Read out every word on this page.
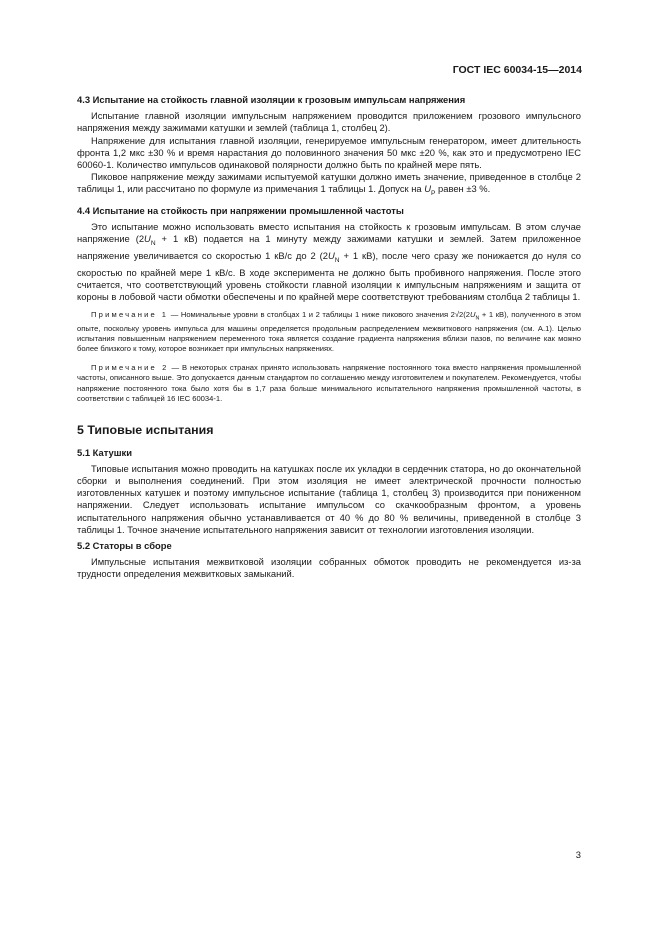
ГОСТ IEC 60034-15—2014
4.3 Испытание на стойкость главной изоляции к грозовым импульсам напряжения

Испытание главной изоляции импульсным напряжением проводится приложением грозового импульсного напряжения между зажимами катушки и землей (таблица 1, столбец 2).

Напряжение для испытания главной изоляции, генерируемое импульсным генератором, имеет длительность фронта 1,2 мкс ±30 % и время нарастания до половинного значения 50 мкс ±20 %, как это и предусмотрено IEC 60060-1. Количество импульсов одинаковой полярности должно быть по крайней мере пять.

Пиковое напряжение между зажимами испытуемой катушки должно иметь значение, приведенное в столбце 2 таблицы 1, или рассчитано по формуле из примечания 1 таблицы 1. Допуск на $U_P$ равен ±3 %.

4.4 Испытание на стойкость при напряжении промышленной частоты

Это испытание можно использовать вместо испытания на стойкость к грозовым импульсам. В этом случае напряжение ($2U_N + 1$ кВ) подается на 1 минуту между зажимами катушки и землей. Затем приложенное напряжение увеличивается со скоростью 1 кВ/с до 2 ($2U_N + 1$ кВ), после чего сразу же понижается до нуля со скоростью по крайней мере 1 кВ/с. В ходе эксперимента не должно быть пробивного напряжения. После этого считается, что соответствующий уровень стойкости главной изоляции к импульсным напряжениям и защита от короны в лобовой части обмотки обеспечены и по крайней мере соответствуют требованиям столбца 2 таблицы 1.

Примечание 1 — Номинальные уровни в столбцах 1 и 2 таблицы 1 ниже пикового значения $2√2(2U_N + 1$ кВ), полученного в этом опыте, поскольку уровень импульса для машины определяется продольным распределением межвиткового напряжения (см. А.1). Целью испытания повышенным напряжением переменного тока является создание градиента напряжения вблизи пазов, по величине как можно более близкого к тому, которое возникает при импульсных напряжениях.

Примечание 2 — В некоторых странах принято использовать напряжение постоянного тока вместо напряжения промышленной частоты, описанного выше. Это допускается данным стандартом по соглашению между изготовителем и покупателем. Рекомендуется, чтобы напряжение постоянного тока было хотя бы в 1,7 раза больше минимального испытательного напряжения промышленной частоты, в соответствии с таблицей 16 IEC 60034-1.

5 Типовые испытания
5.1 Катушки

Типовые испытания можно проводить на катушках после их укладки в сердечник статора, но до окончательной сборки и выполнения соединений. При этом изоляция не имеет электрической прочности полностью изготовленных катушек и поэтому импульсное испытание (таблица 1, столбец 3) производится при пониженном напряжении. Следует использовать испытание импульсом со скачкообразным фронтом, а уровень испытательного напряжения обычно устанавливается от 40 % до 80 % величины, приведенной в столбце 3 таблицы 1. Точное значение испытательного напряжения зависит от технологии изготовления изоляции.

5.2 Статоры в сборе

Импульсные испытания межвитковой изоляции собранных обмоток проводить не рекомендуется из-за трудности определения межвитковых замыканий.

3
